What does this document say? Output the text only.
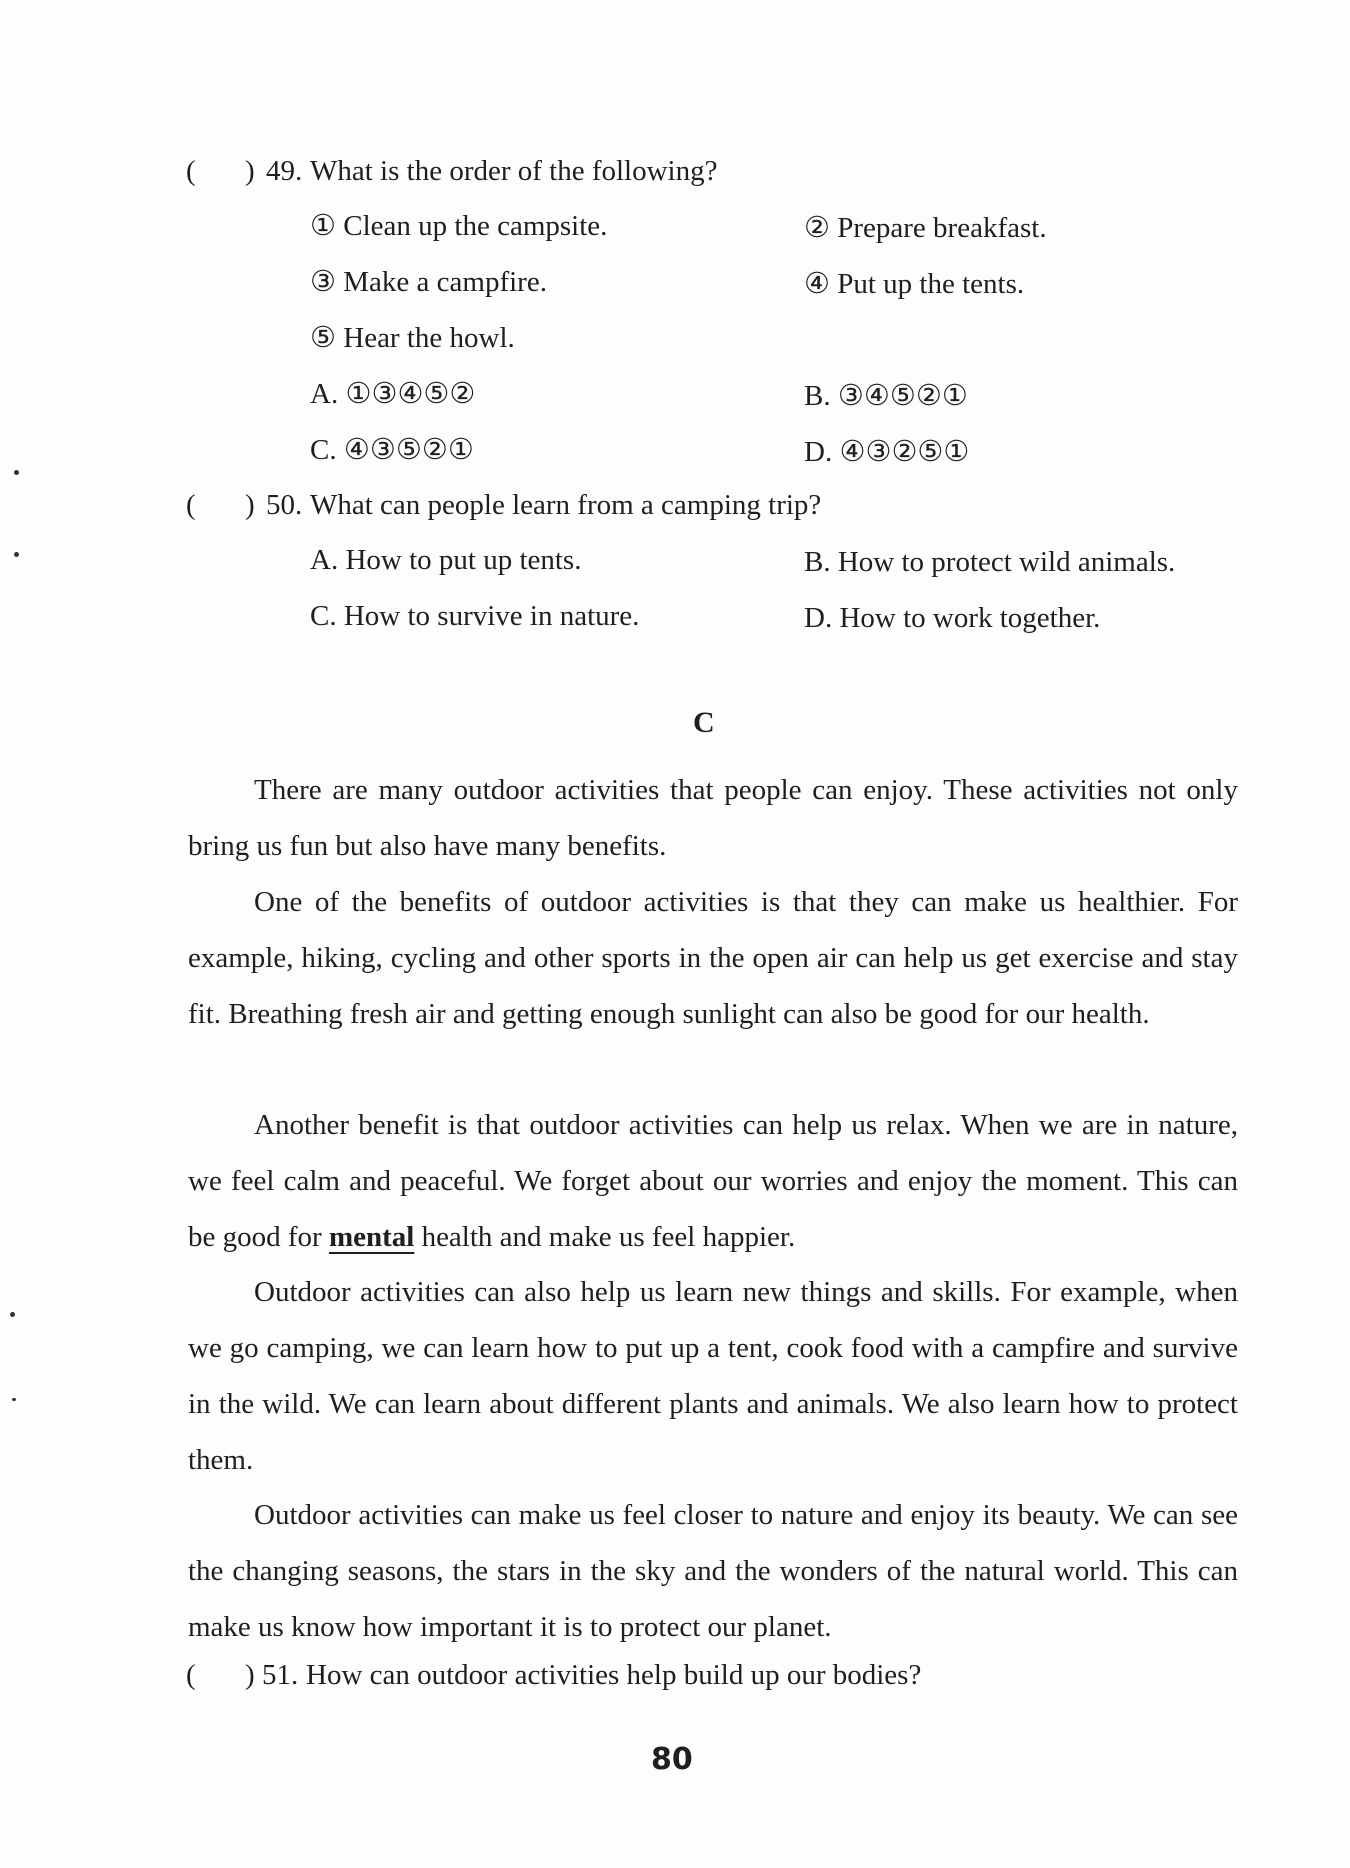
( ) 49. What is the order of the following?
① Clean up the campsite.	② Prepare breakfast.
③ Make a campfire.	④ Put up the tents.
⑤ Hear the howl.
A. ①③④⑤②	B. ③④⑤②①
C. ④③⑤②①	D. ④③②⑤①
( ) 50. What can people learn from a camping trip?
A. How to put up tents.	B. How to protect wild animals.
C. How to survive in nature.	D. How to work together.
C
There are many outdoor activities that people can enjoy. These activities not only bring us fun but also have many benefits.
One of the benefits of outdoor activities is that they can make us healthier. For example, hiking, cycling and other sports in the open air can help us get exercise and stay fit. Breathing fresh air and getting enough sunlight can also be good for our health.
Another benefit is that outdoor activities can help us relax. When we are in nature, we feel calm and peaceful. We forget about our worries and enjoy the moment. This can be good for mental health and make us feel happier.
Outdoor activities can also help us learn new things and skills. For example, when we go camping, we can learn how to put up a tent, cook food with a campfire and survive in the wild. We can learn about different plants and animals. We also learn how to protect them.
Outdoor activities can make us feel closer to nature and enjoy its beauty. We can see the changing seasons, the stars in the sky and the wonders of the natural world. This can make us know how important it is to protect our planet.
( ) 51. How can outdoor activities help build up our bodies?
80
